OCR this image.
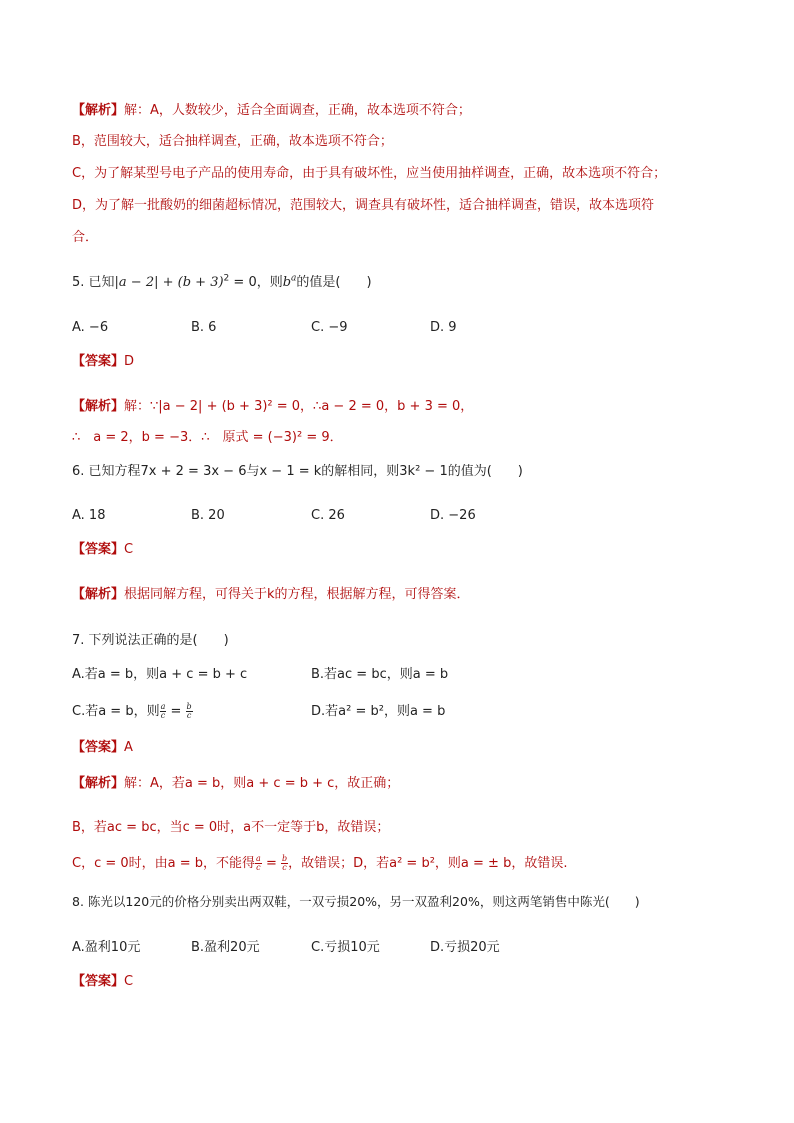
【解析】解：A，人数较少，适合全面调查，正确，故本选项不符合；
B，范围较大，适合抽样调查，正确，故本选项不符合；
C，为了解某型号电子产品的使用寿命，由于具有破坏性，应当使用抽样调查，正确，故本选项不符合；
D，为了解一批酸奶的细菌超标情况，范围较大，调查具有破坏性，适合抽样调查，错误，故本选项符
合．
5. 已知$|a - 2| + (b + 3)^2 = 0$，则$b^a$的值是(　　)
A. −6	B. 6	C. −9	D. 9
【答案】D
【解析】解：∵|a − 2| + (b + 3)² = 0，∴a − 2 = 0，b + 3 = 0，
∴　a = 2，b = −3．∴　原式 = (−3)² = 9．
6. 已知方程7x + 2 = 3x − 6与x − 1 = k的解相同，则3k² − 1的值为(　　)
A. 18	B. 20	C. 26	D. −26
【答案】C
【解析】根据同解方程，可得关于k的方程，根据解方程，可得答案．
7. 下列说法正确的是(　　)
A.若a = b，则a + c = b + c	B.若ac = bc，则a = b
C.若a = b，则 $\frac{a}{c} = \frac{b}{c}$	D.若a² = b²，则a = b
【答案】A
【解析】解：A，若a = b，则a + c = b + c，故正确；
B，若ac = bc，当c = 0时，a不一定等于b，故错误；
C，c = 0时，由a = b，不能得 $\frac{a}{c} = \frac{b}{c}$ ，故错误；D，若a² = b²，则a = ± b，故错误.
8. 陈光以120元的价格分别卖出两双鞋，一双亏损20%，另一双盈利20%，则这两笔销售中陈光(　　)
A.盈利10元	B.盈利20元	C.亏损10元	D.亏损20元
【答案】C
